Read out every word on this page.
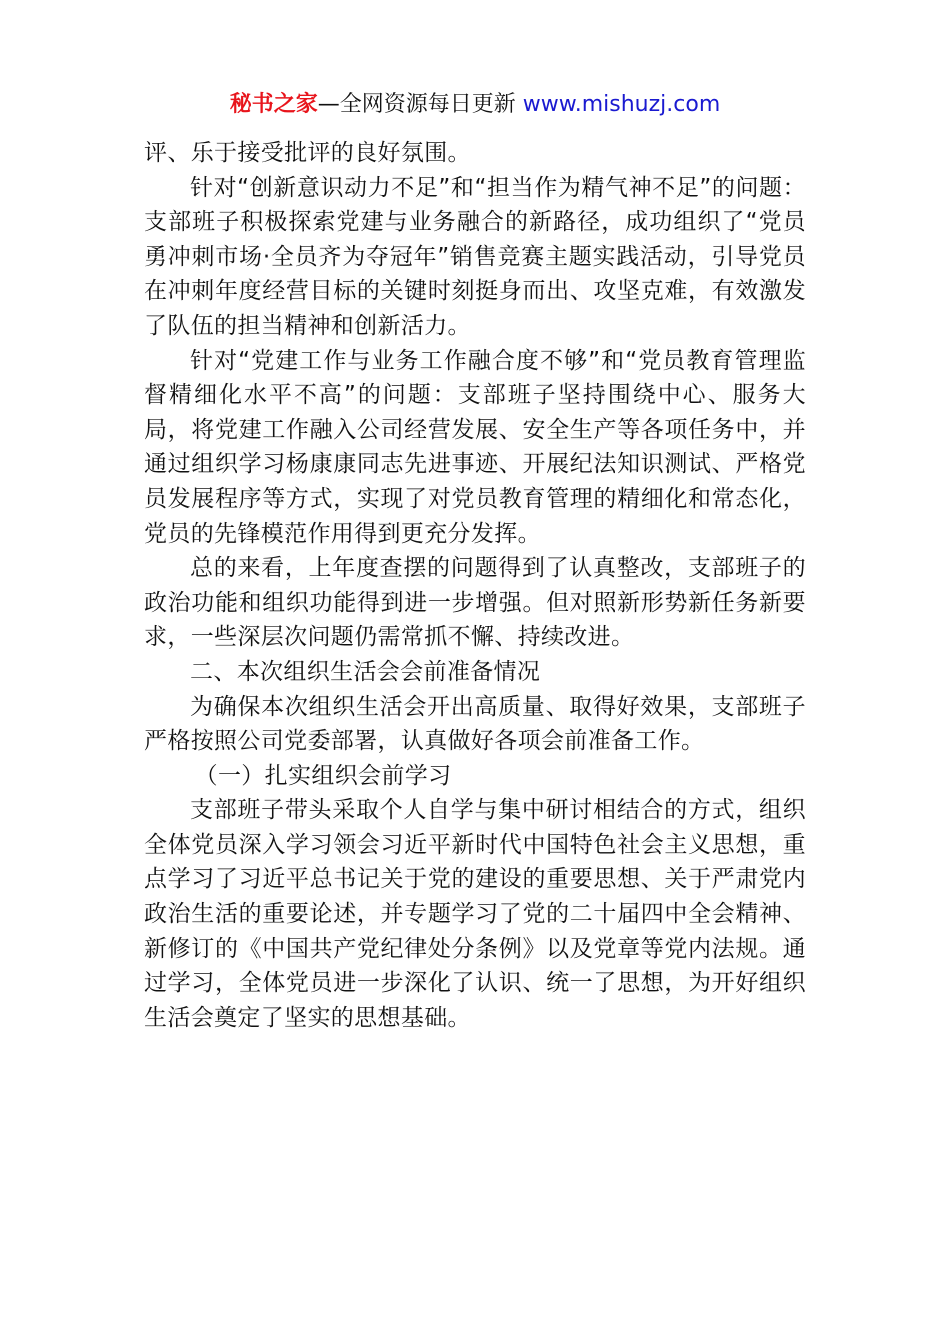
秘书之家—全网资源每日更新 www.mishuzj.com

评、乐于接受批评的良好氛围。

针对“创新意识动力不足”和“担当作为精气神不足”的问题：支部班子积极探索党建与业务融合的新路径，成功组织了“党员勇冲刺市场·全员齐为夺冠年”销售竞赛主题实践活动，引导党员在冲刺年度经营目标的关键时刻挺身而出、攻坚克难，有效激发了队伍的担当精神和创新活力。

针对“党建工作与业务工作融合度不够”和“党员教育管理监督精细化水平不高”的问题：支部班子坚持围绕中心、服务大局，将党建工作融入公司经营发展、安全生产等各项任务中，并通过组织学习杨康康同志先进事迹、开展纪法知识测试、严格党员发展程序等方式，实现了对党员教育管理的精细化和常态化，党员的先锋模范作用得到更充分发挥。

总的来看，上年度查摆的问题得到了认真整改，支部班子的政治功能和组织功能得到进一步增强。但对照新形势新任务新要求，一些深层次问题仍需常抓不懈、持续改进。

二、本次组织生活会会前准备情况

为确保本次组织生活会开出高质量、取得好效果，支部班子严格按照公司党委部署，认真做好各项会前准备工作。

（一）扎实组织会前学习

支部班子带头采取个人自学与集中研讨相结合的方式，组织全体党员深入学习领会习近平新时代中国特色社会主义思想，重点学习了习近平总书记关于党的建设的重要思想、关于严肃党内政治生活的重要论述，并专题学习了党的二十届四中全会精神、新修订的《中国共产党纪律处分条例》以及党章等党内法规。通过学习，全体党员进一步深化了认识、统一了思想，为开好组织生活会奠定了坚实的思想基础。
